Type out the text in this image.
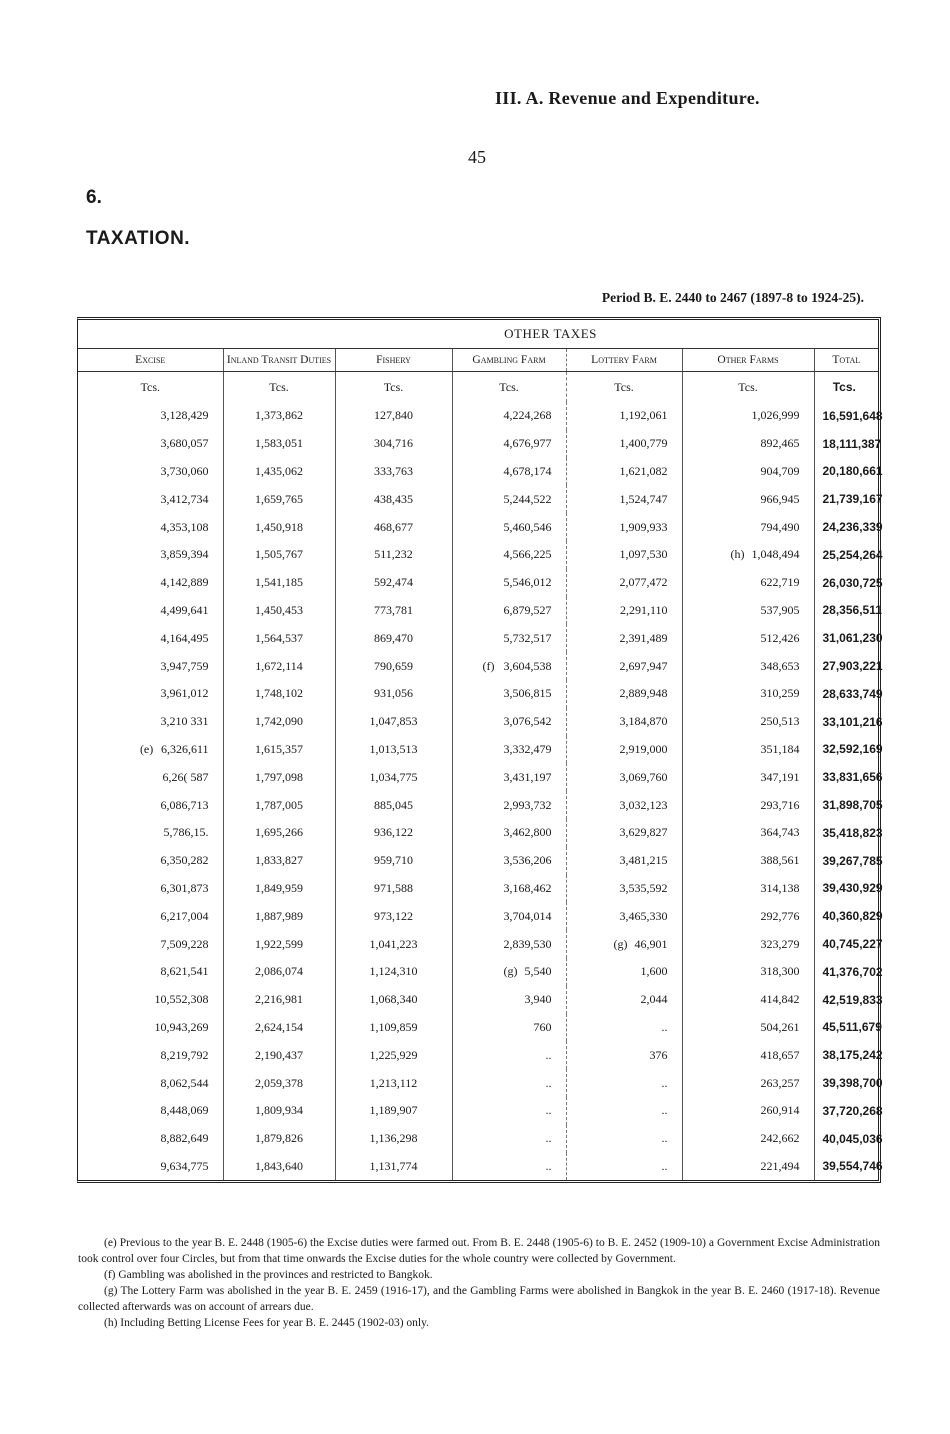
III. A. Revenue and Expenditure.
45
6.
TAXATION.
Period B. E. 2440 to 2467 (1897-8 to 1924-25).
	OTHER TAXES					
Excise	Inland Transit Duties	Fishery	Gambling Farm	Lottery Farm	Other Farms	Total
Tcs.	Tcs.	Tcs.	Tcs.	Tcs.	Tcs.	Tcs.
3,128,429	1,373,862	127,840	4,224,268	1,192,061	1,026,999	16,591,648
3,680,057	1,583,051	304,716	4,676,977	1,400,779	892,465	18,111,387
3,730,060	1,435,062	333,763	4,678,174	1,621,082	904,709	20,180,661
3,412,734	1,659,765	438,435	5,244,522	1,524,747	966,945	21,739,167
4,353,108	1,450,918	468,677	5,460,546	1,909,933	794,490	24,236,339
3,859,394	1,505,767	511,232	4,566,225	1,097,530	(h) 1,048,494	25,254,264
4,142,889	1,541,185	592,474	5,546,012	2,077,472	622,719	26,030,725
4,499,641	1,450,453	773,781	6,879,527	2,291,110	537,905	28,356,511
4,164,495	1,564,537	869,470	5,732,517	2,391,489	512,426	31,061,230
3,947,759	1,672,114	790,659	(f) 3,604,538	2,697,947	348,653	27,903,221
3,961,012	1,748,102	931,056	3,506,815	2,889,948	310,259	28,633,749
3,210 331	1,742,090	1,047,853	3,076,542	3,184,870	250,513	33,101,216
(e) 6,326,611	1,615,357	1,013,513	3,332,479	2,919,000	351,184	32,592,169
6,26( 587	1,797,098	1,034,775	3,431,197	3,069,760	347,191	33,831,656
6,086,713	1,787,005	885,045	2,993,732	3,032,123	293,716	31,898,705
5,786,15.	1,695,266	936,122	3,462,800	3,629,827	364,743	35,418,823
6,350,282	1,833,827	959,710	3,536,206	3,481,215	388,561	39,267,785
6,301,873	1,849,959	971,588	3,168,462	3,535,592	314,138	39,430,929
6,217,004	1,887,989	973,122	3,704,014	3,465,330	292,776	40,360,829
7,509,228	1,922,599	1,041,223	2,839,530	(g) 46,901	323,279	40,745,227
8,621,541	2,086,074	1,124,310	(g) 5,540	1,600	318,300	41,376,702
10,552,308	2,216,981	1,068,340	3,940	2,044	414,842	42,519,833
10,943,269	2,624,154	1,109,859	760	..	504,261	45,511,679
8,219,792	2,190,437	1,225,929	..	376	418,657	38,175,242
8,062,544	2,059,378	1,213,112	..	..	263,257	39,398,700
8,448,069	1,809,934	1,189,907	..	..	260,914	37,720,268
8,882,649	1,879,826	1,136,298	..	..	242,662	40,045,036
9,634,775	1,843,640	1,131,774	..	..	221,494	39,554,746

(e) Previous to the year B. E. 2448 (1905-6) the Excise duties were farmed out. From B. E. 2448 (1905-6) to B. E. 2452 (1909-10) a Government Excise Administration took control over four Circles, but from that time onwards the Excise duties for the whole country were collected by Government.

(f) Gambling was abolished in the provinces and restricted to Bangkok.

(g) The Lottery Farm was abolished in the year B. E. 2459 (1916-17), and the Gambling Farms were abolished in Bangkok in the year B. E. 2460 (1917-18). Revenue collected afterwards was on account of arrears due.

(h) Including Betting License Fees for year B. E. 2445 (1902-03) only.
